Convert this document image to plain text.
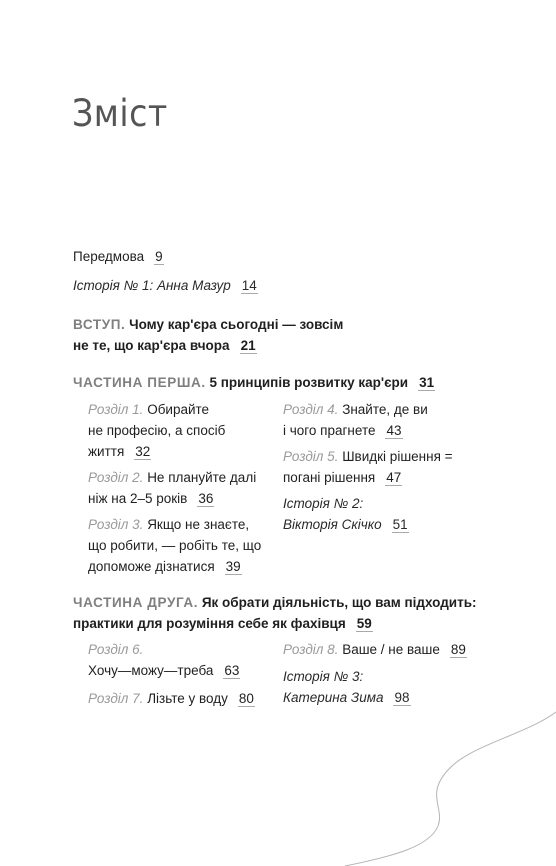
Зміст
Передмова 9
Історія № 1: Анна Мазур 14
ВСТУП. Чому кар'єра сьогодні — зовсім
не те, що кар'єра вчора 21
ЧАСТИНА ПЕРША. 5 принципів розвитку кар'єри 31
Розділ 1. Обирайте
не професію, а спосіб
життя 32
Розділ 2. Не плануйте далі
ніж на 2–5 років 36
Розділ 3. Якщо не знаєте,
що робити, — робіть те, що
допоможе дізнатися 39
Розділ 4. Знайте, де ви
і чого прагнете 43
Розділ 5. Швидкі рішення =
погані рішення 47
Історія № 2:
Вікторія Скічко 51
ЧАСТИНА ДРУГА. Як обрати діяльність, що вам підходить:
практики для розуміння себе як фахівця 59
Розділ 6.
Хочу—можу—треба 63
Розділ 7. Лізьте у воду 80
Розділ 8. Ваше / не ваше 89
Історія № 3:
Катерина Зима 98
